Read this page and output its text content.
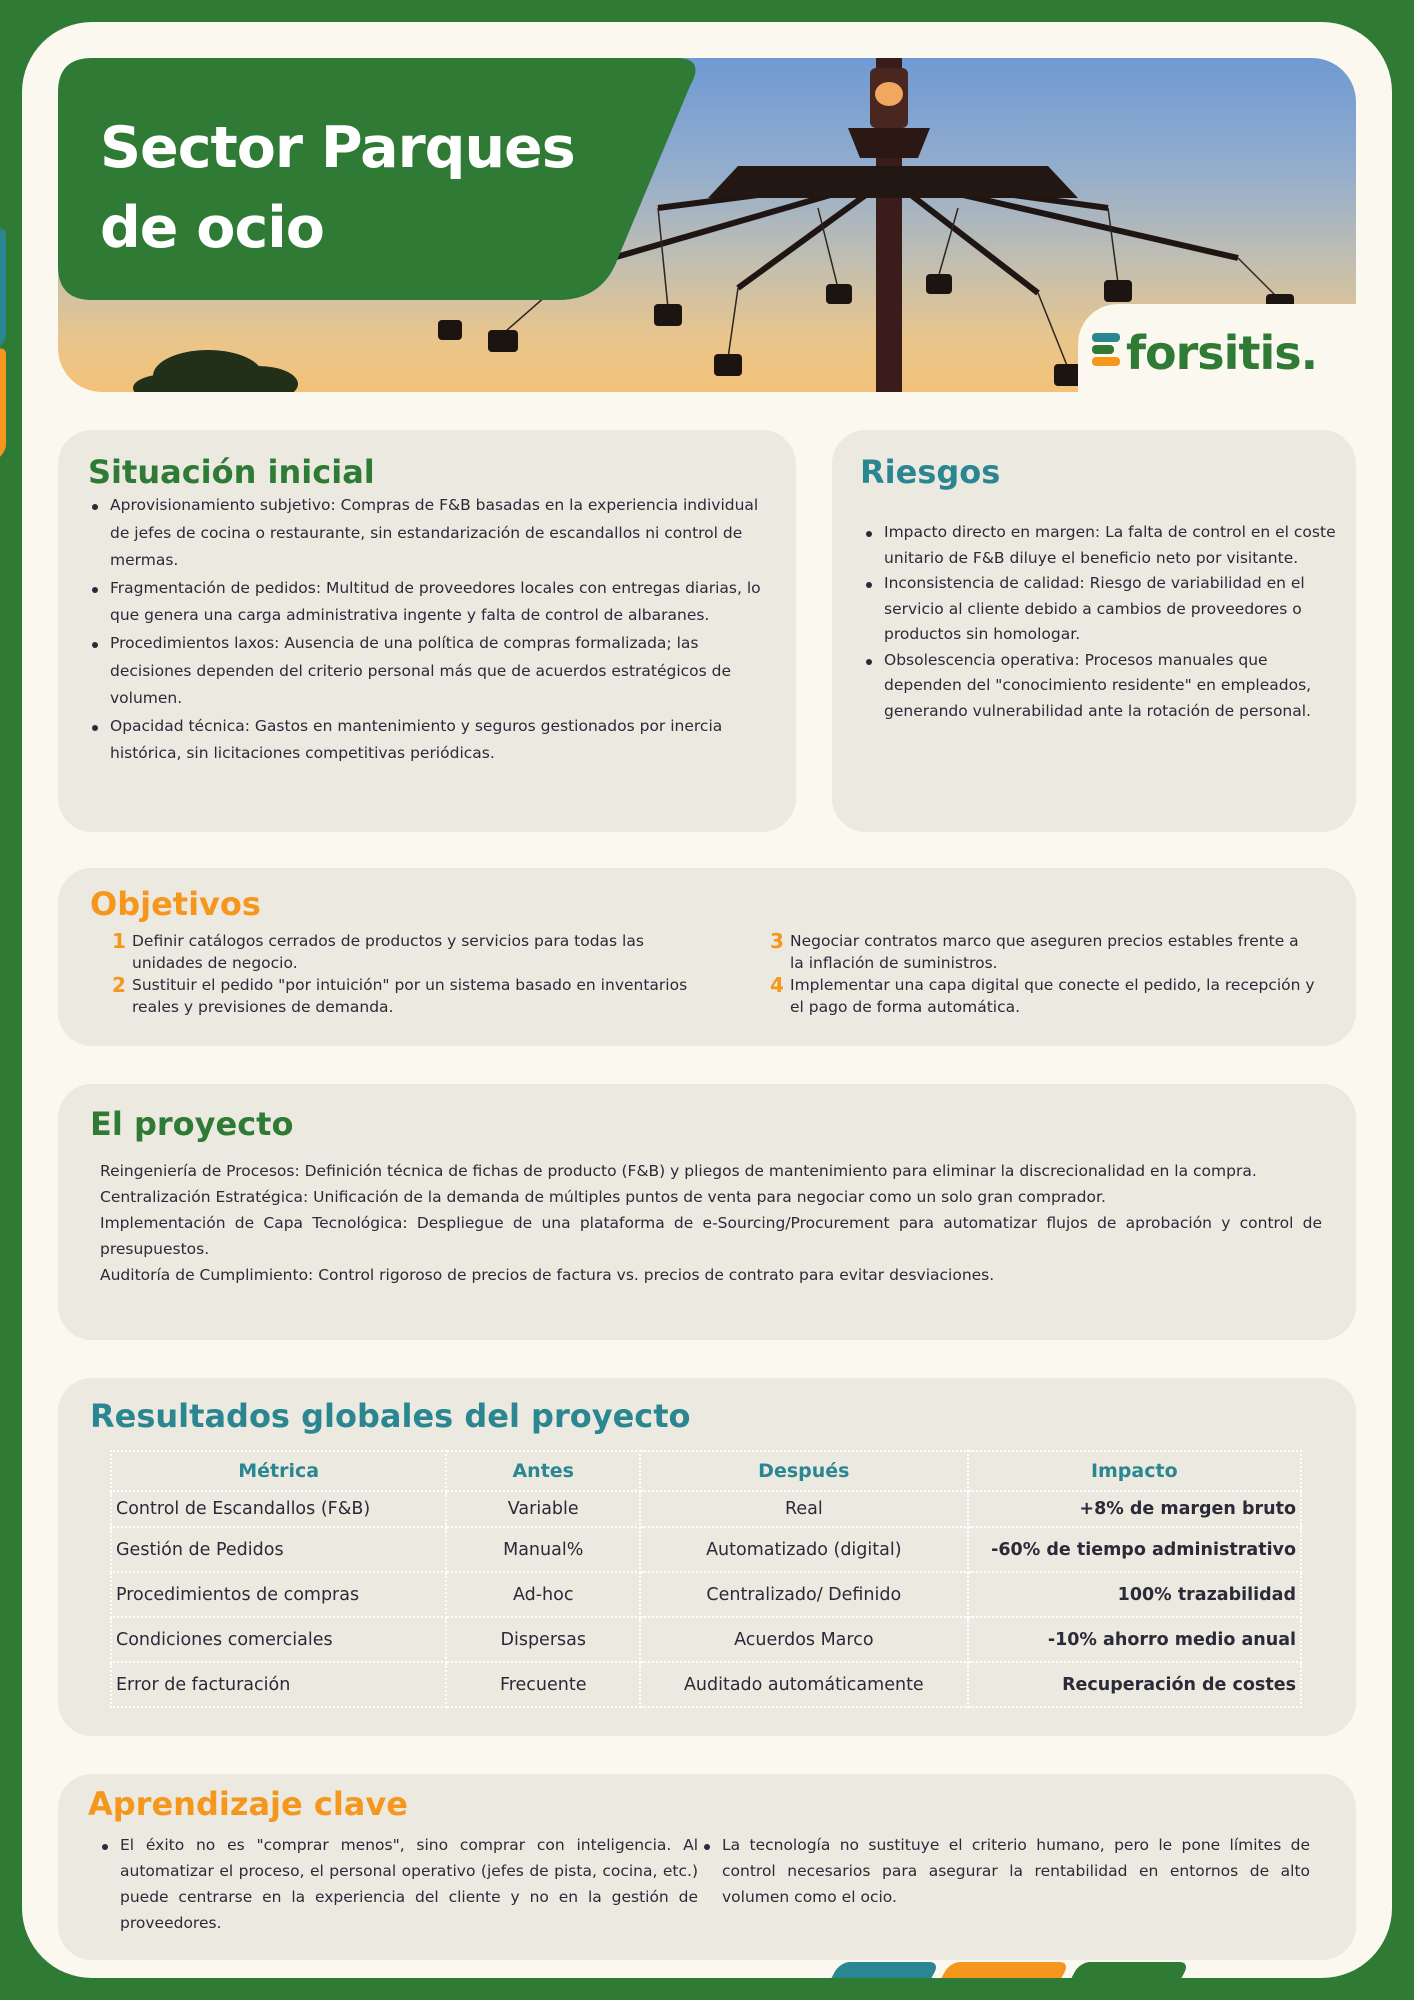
Sector Parques
de ocio
forsitis .
Situación inicial
Aprovisionamiento subjetivo: Compras de F&B basadas en la experiencia individual de jefes de cocina o restaurante, sin estandarización de escandallos ni control de mermas.
Fragmentación de pedidos: Multitud de proveedores locales con entregas diarias, lo que genera una carga administrativa ingente y falta de control de albaranes.
Procedimientos laxos: Ausencia de una política de compras formalizada; las decisiones dependen del criterio personal más que de acuerdos estratégicos de volumen.
Opacidad técnica: Gastos en mantenimiento y seguros gestionados por inercia histórica, sin licitaciones competitivas periódicas.
Riesgos
Impacto directo en margen: La falta de control en el coste unitario de F&B diluye el beneficio neto por visitante.
Inconsistencia de calidad: Riesgo de variabilidad en el servicio al cliente debido a cambios de proveedores o productos sin homologar.
Obsolescencia operativa: Procesos manuales que dependen del "conocimiento residente" en empleados, generando vulnerabilidad ante la rotación de personal.
Objetivos
1 Definir catálogos cerrados de productos y servicios para todas las unidades de negocio.
2 Sustituir el pedido "por intuición" por un sistema basado en inventarios reales y previsiones de demanda.
3 Negociar contratos marco que aseguren precios estables frente a la inflación de suministros.
4 Implementar una capa digital que conecte el pedido, la recepción y el pago de forma automática.
El proyecto
Reingeniería de Procesos: Definición técnica de fichas de producto (F&B) y pliegos de mantenimiento para eliminar la discrecionalidad en la compra.
Centralización Estratégica: Unificación de la demanda de múltiples puntos de venta para negociar como un solo gran comprador.
Implementación de Capa Tecnológica: Despliegue de una plataforma de e-Sourcing/Procurement para automatizar flujos de aprobación y control de presupuestos.
Auditoría de Cumplimiento: Control rigoroso de precios de factura vs. precios de contrato para evitar desviaciones.
Resultados globales del proyecto
Métrica	Antes	Después	Impacto
Control de Escandallos (F&B)	Variable	Real	+8% de margen bruto
Gestión de Pedidos	Manual%	Automatizado (digital)	-60% de tiempo administrativo
Procedimientos de compras	Ad-hoc	Centralizado/ Definido	100% trazabilidad
Condiciones comerciales	Dispersas	Acuerdos Marco	-10% ahorro medio anual
Error de facturación	Frecuente	Auditado automáticamente	Recuperación de costes
Aprendizaje clave
El éxito no es "comprar menos", sino comprar con inteligencia. Al automatizar el proceso, el personal operativo (jefes de pista, cocina, etc.) puede centrarse en la experiencia del cliente y no en la gestión de proveedores.
La tecnología no sustituye el criterio humano, pero le pone límites de control necesarios para asegurar la rentabilidad en entornos de alto volumen como el ocio.
